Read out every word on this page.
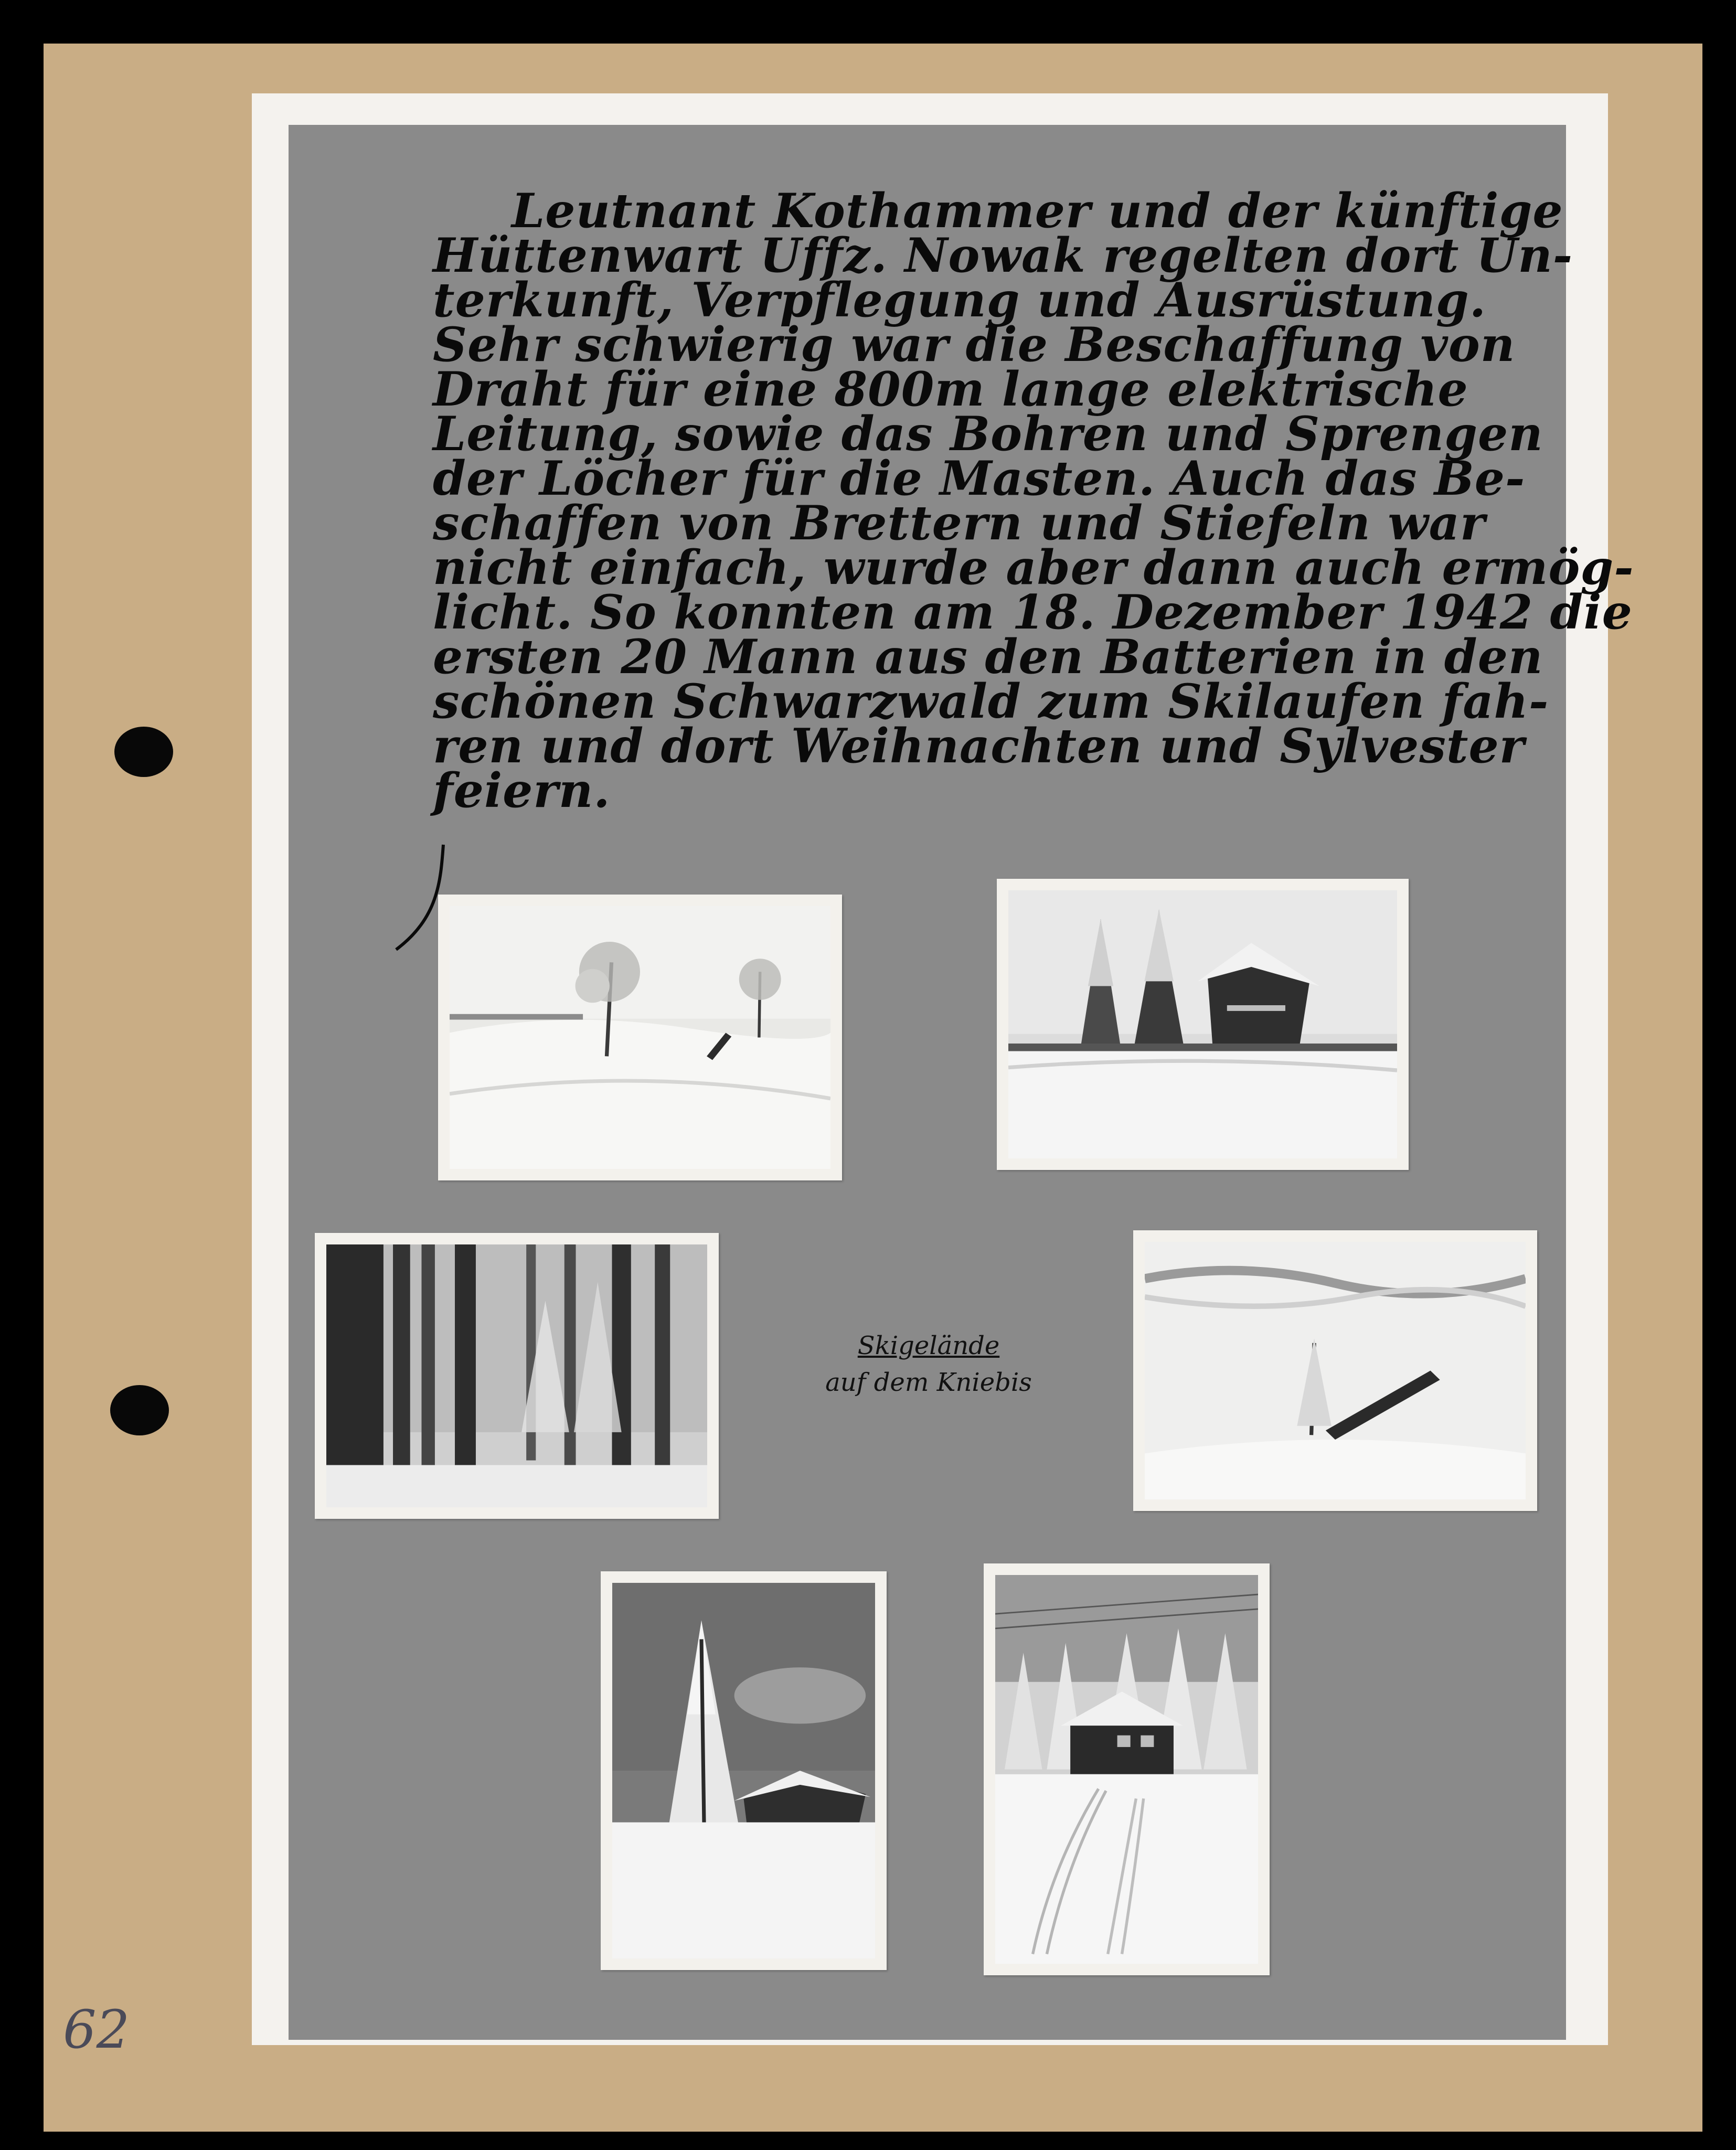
62
Leutnant Kothammer und der künftige
Hüttenwart Uffz. Nowak regelten dort Un-
terkunft, Verpflegung und Ausrüstung.
Sehr schwierig war die Beschaffung von
Draht für eine 800m lange elektrische
Leitung, sowie das Bohren und Sprengen
der Löcher für die Masten. Auch das Be-
schaffen von Brettern und Stiefeln war
nicht einfach, wurde aber dann auch ermög-
licht. So konnten am 18. Dezember 1942 die
ersten 20 Mann aus den Batterien in den
schönen Schwarzwald zum Skilaufen fah-
ren und dort Weihnachten und Sylvester
feiern.
Skigelände
auf dem Kniebis
